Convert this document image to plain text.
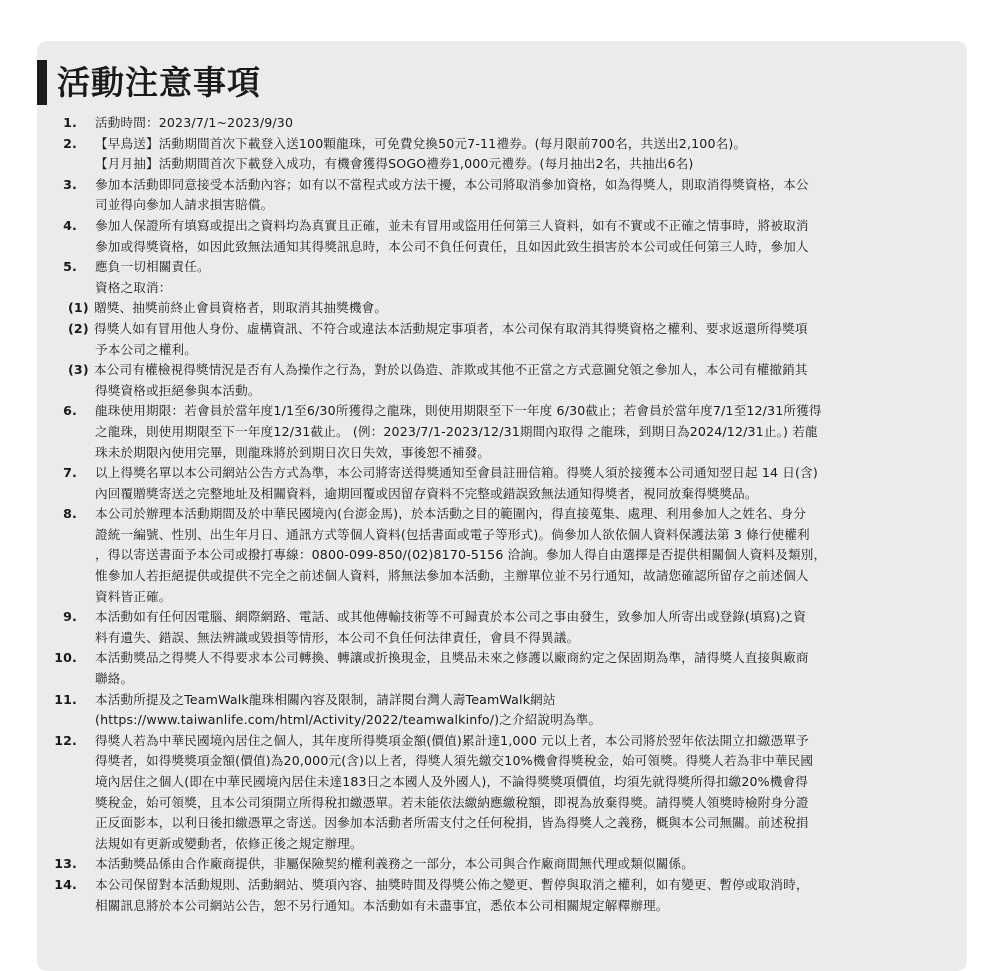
活動注意事項
1. 活動時間：2023/7/1~2023/9/30
2. 【早鳥送】活動期間首次下載登入送100顆龍珠，可免費兌換50元7-11禮券。(每月限前700名，共送出2,100名)。
【月月抽】活動期間首次下載登入成功，有機會獲得SOGO禮券1,000元禮券。(每月抽出2名，共抽出6名)
3. 參加本活動即同意接受本活動內容；如有以不當程式或方法干擾，本公司將取消參加資格，如為得獎人，則取消得獎資格，本公
司並得向參加人請求損害賠償。
4. 參加人保證所有填寫或提出之資料均為真實且正確，並未有冒用或盜用任何第三人資料，如有不實或不正確之情事時，將被取消
參加或得獎資格，如因此致無法通知其得獎訊息時，本公司不負任何責任，且如因此致生損害於本公司或任何第三人時，參加人
5. 應負一切相關責任。
資格之取消：
(1) 贈獎、抽獎前終止會員資格者，則取消其抽獎機會。
(2) 得獎人如有冒用他人身份、虛構資訊、不符合或違法本活動規定事項者，本公司保有取消其得獎資格之權利、要求返還所得獎項
予本公司之權利。
(3) 本公司有權檢視得獎情況是否有人為操作之行為，對於以偽造、詐欺或其他不正當之方式意圖兌領之參加人，本公司有權撤銷其
得獎資格或拒絕參與本活動。
6. 龍珠使用期限：若會員於當年度1/1至6/30所獲得之龍珠，則使用期限至下一年度 6/30截止；若會員於當年度7/1至12/31所獲得
之龍珠，則使用期限至下一年度12/31截止。 (例：2023/7/1-2023/12/31期間內取得 之龍珠，到期日為2024/12/31止。) 若龍
珠未於期限內使用完畢，則龍珠將於到期日次日失效，事後恕不補發。
7. 以上得獎名單以本公司網站公告方式為準，本公司將寄送得獎通知至會員註冊信箱。得獎人須於接獲本公司通知翌日起 14 日(含)
內回覆贈獎寄送之完整地址及相關資料，逾期回覆或因留存資料不完整或錯誤致無法通知得獎者，視同放棄得獎獎品。
8. 本公司於辦理本活動期間及於中華民國境內(台澎金馬)，於本活動之目的範圍內，得直接蒐集、處理、利用參加人之姓名、身分
證統一編號、性別、出生年月日、通訊方式等個人資料(包括書面或電子等形式)。倘參加人欲依個人資料保護法第 3 條行使權利
，得以寄送書面予本公司或撥打專線：0800-099-850/(02)8170-5156 洽詢。參加人得自由選擇是否提供相關個人資料及類別，
惟參加人若拒絕提供或提供不完全之前述個人資料，將無法參加本活動，主辦單位並不另行通知，故請您確認所留存之前述個人
資料皆正確。
9. 本活動如有任何因電腦、網際網路、電話、或其他傳輸技術等不可歸責於本公司之事由發生，致參加人所寄出或登錄(填寫)之資
料有遺失、錯誤、無法辨識或毀損等情形，本公司不負任何法律責任，會員不得異議。
10. 本活動獎品之得獎人不得要求本公司轉換、轉讓或折換現金，且獎品未來之修護以廠商約定之保固期為準，請得獎人直接與廠商
聯絡。
11. 本活動所提及之TeamWalk龍珠相關內容及限制，請詳閱台灣人壽TeamWalk網站
(https://www.taiwanlife.com/html/Activity/2022/teamwalkinfo/)之介紹說明為準。
12. 得獎人若為中華民國境內居住之個人，其年度所得獎項金額(價值)累計達1,000 元以上者，本公司將於翌年依法開立扣繳憑單予
得獎者，如得獎獎項金額(價值)為20,000元(含)以上者，得獎人須先繳交10%機會得獎稅金，始可領獎。得獎人若為非中華民國
境內居住之個人(即在中華民國境內居住未達183日之本國人及外國人)，不論得獎獎項價值，均須先就得獎所得扣繳20%機會得
獎稅金，始可領獎，且本公司須開立所得稅扣繳憑單。若未能依法繳納應繳稅額，即視為放棄得獎。請得獎人領獎時檢附身分證
正反面影本，以利日後扣繳憑單之寄送。因參加本活動者所需支付之任何稅捐，皆為得獎人之義務，概與本公司無關。前述稅捐
法規如有更新或變動者，依修正後之規定辦理。
13. 本活動獎品係由合作廠商提供，非屬保險契約權利義務之一部分，本公司與合作廠商間無代理或類似關係。
14. 本公司保留對本活動規則、活動網站、獎項內容、抽獎時間及得獎公佈之變更、暫停與取消之權利，如有變更、暫停或取消時，
相關訊息將於本公司網站公告，恕不另行通知。本活動如有未盡事宜，悉依本公司相關規定解釋辦理。
